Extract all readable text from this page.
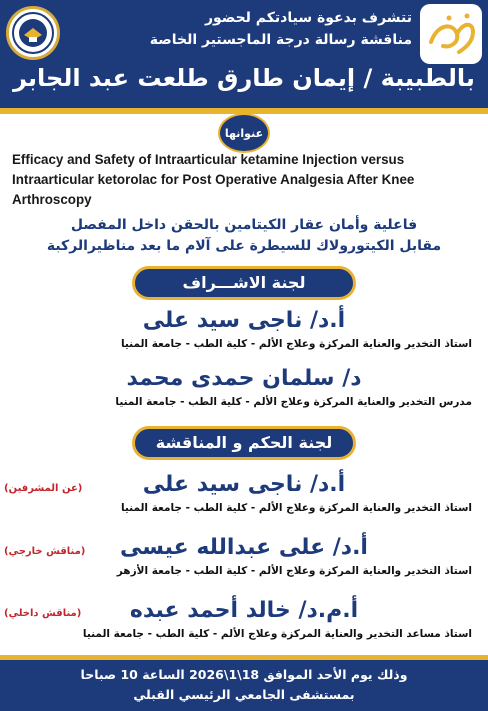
تتشرف بدعوة سيادتكم لحضور
مناقشة رسالة درجة الماجستير الخاصة
بالطبيبة / إيمان طارق طلعت عبد الجابر
عنوانها
Efficacy and Safety of Intraarticular ketamine Injection versus
Intraarticular ketorolac for Post Operative Analgesia After Knee
Arthroscopy
فاعلية وأمان عقار الكيتامين بالحقن داخل المفصل
مقابل الكيتورولاك للسيطرة على آلام ما بعد مناظيرالركبة
لجنة الاشـــراف
أ.د/ ناجى سيد على
استاذ التخدير والعناية المركزة وعلاج الألم - كلية الطب - جامعة المنيا
د/ سلمان حمدى محمد
مدرس التخدير والعناية المركزة وعلاج الألم - كلية الطب - جامعة المنيا
لجنة الحكم و المناقشة
(عن المشرفين)	أ.د/ ناجى سيد على
استاذ التخدير والعناية المركزة وعلاج الألم - كلية الطب - جامعة المنيا
(مناقش خارجي)	أ.د/ على عبدالله عيسى
استاذ التخدير والعناية المركزة وعلاج الألم - كلية الطب - جامعة الأزهر
(مناقش داخلي)	أ.م.د/ خالد أحمد عبده
استاذ مساعد التخدير والعناية المركزة وعلاج الألم - كلية الطب - جامعة المنيا
وذلك يوم الأحد الموافق 18\1\2026 الساعة 10 صباحا
بمستشفى الجامعي الرئيسي القبلي
